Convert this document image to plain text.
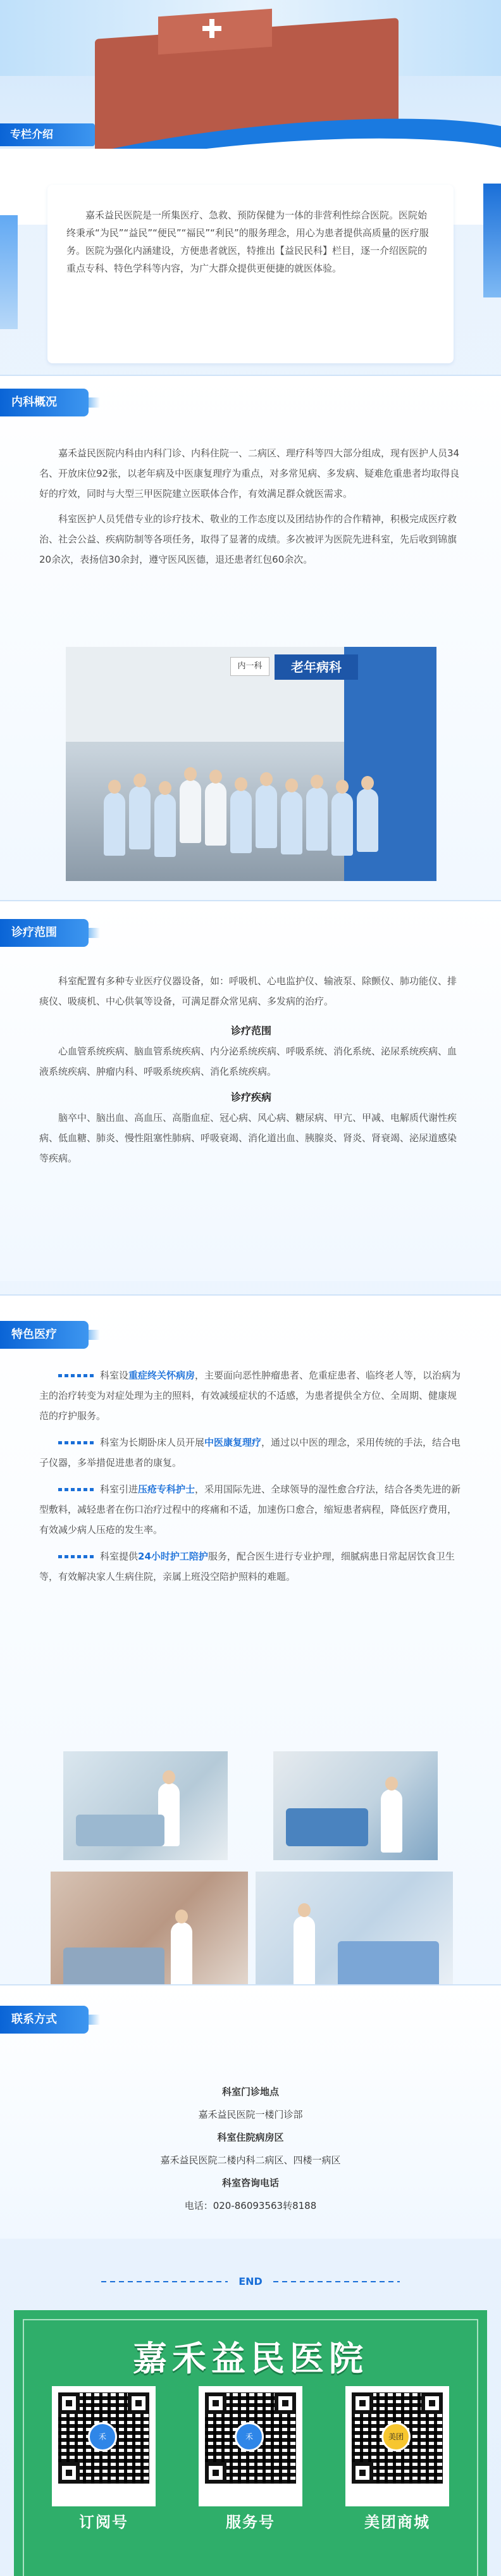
专栏介绍

嘉禾益民医院是一所集医疗、急救、预防保健为一体的非营利性综合医院。医院始终秉承“为民”“益民”“便民”“福民”“利民”的服务理念，用心为患者提供高质量的医疗服务。医院为强化内涵建设，方便患者就医，特推出【益民民科】栏目，逐一介绍医院的重点专科、特色学科等内容，为广大群众提供更便捷的就医体验。

内科概况

嘉禾益民医院内科由内科门诊、内科住院一、二病区、理疗科等四大部分组成，现有医护人员34名、开放床位92张，以老年病及中医康复理疗为重点，对多常见病、多发病、疑难危重患者均取得良好的疗效，同时与大型三甲医院建立医联体合作，有效满足群众就医需求。

科室医护人员凭借专业的诊疗技术、敬业的工作态度以及团结协作的合作精神，积极完成医疗救治、社会公益、疾病防制等各项任务，取得了显著的成绩。多次被评为医院先进科室，先后收到锦旗20余次，表扬信30余封，遵守医风医德，退还患者红包60余次。

内一科	老年病科
诊疗范围

科室配置有多种专业医疗仪器设备，如：呼吸机、心电监护仪、输液泵、除颤仪、肺功能仪、排痰仪、吸痰机、中心供氧等设备，可满足群众常见病、多发病的治疗。

诊疗范围

心血管系统疾病、脑血管系统疾病、内分泌系统疾病、呼吸系统、消化系统、泌尿系统疾病、血液系统疾病、肿瘤内科、呼吸系统疾病、消化系统疾病。

诊疗疾病

脑卒中、脑出血、高血压、高脂血症、冠心病、风心病、糖尿病、甲亢、甲减、电解质代谢性疾病、低血糖、肺炎、慢性阻塞性肺病、呼吸衰竭、消化道出血、胰腺炎、肾炎、肾衰竭、泌尿道感染等疾病。

特色医疗

科室设重症终关怀病房，主要面向恶性肿瘤患者、危重症患者、临终老人等，以治病为主的治疗转变为对症处理为主的照料，有效减缓症状的不适感，为患者提供全方位、全周期、健康规范的疗护服务。

科室为长期卧床人员开展中医康复理疗，通过以中医的理念，采用传统的手法，结合电子仪器，多举措促进患者的康复。

科室引进压疮专科护士，采用国际先进、全球领导的湿性愈合疗法，结合各类先进的新型敷料，减轻患者在伤口治疗过程中的疼痛和不适，加速伤口愈合，缩短患者病程，降低医疗费用，有效减少病人压疮的发生率。

科室提供24小时护工陪护服务，配合医生进行专业护理，细腻病患日常起居饮食卫生等，有效解决家人生病住院，亲属上班没空陪护照料的难题。

联系方式

科室门诊地点

嘉禾益民医院一楼门诊部

科室住院病房区

嘉禾益民医院二楼内科二病区、四楼一病区

科室咨询电话

电话：020-86093563转8188

END
嘉禾益民医院
禾
订阅号
禾
服务号
美团
美团商城
